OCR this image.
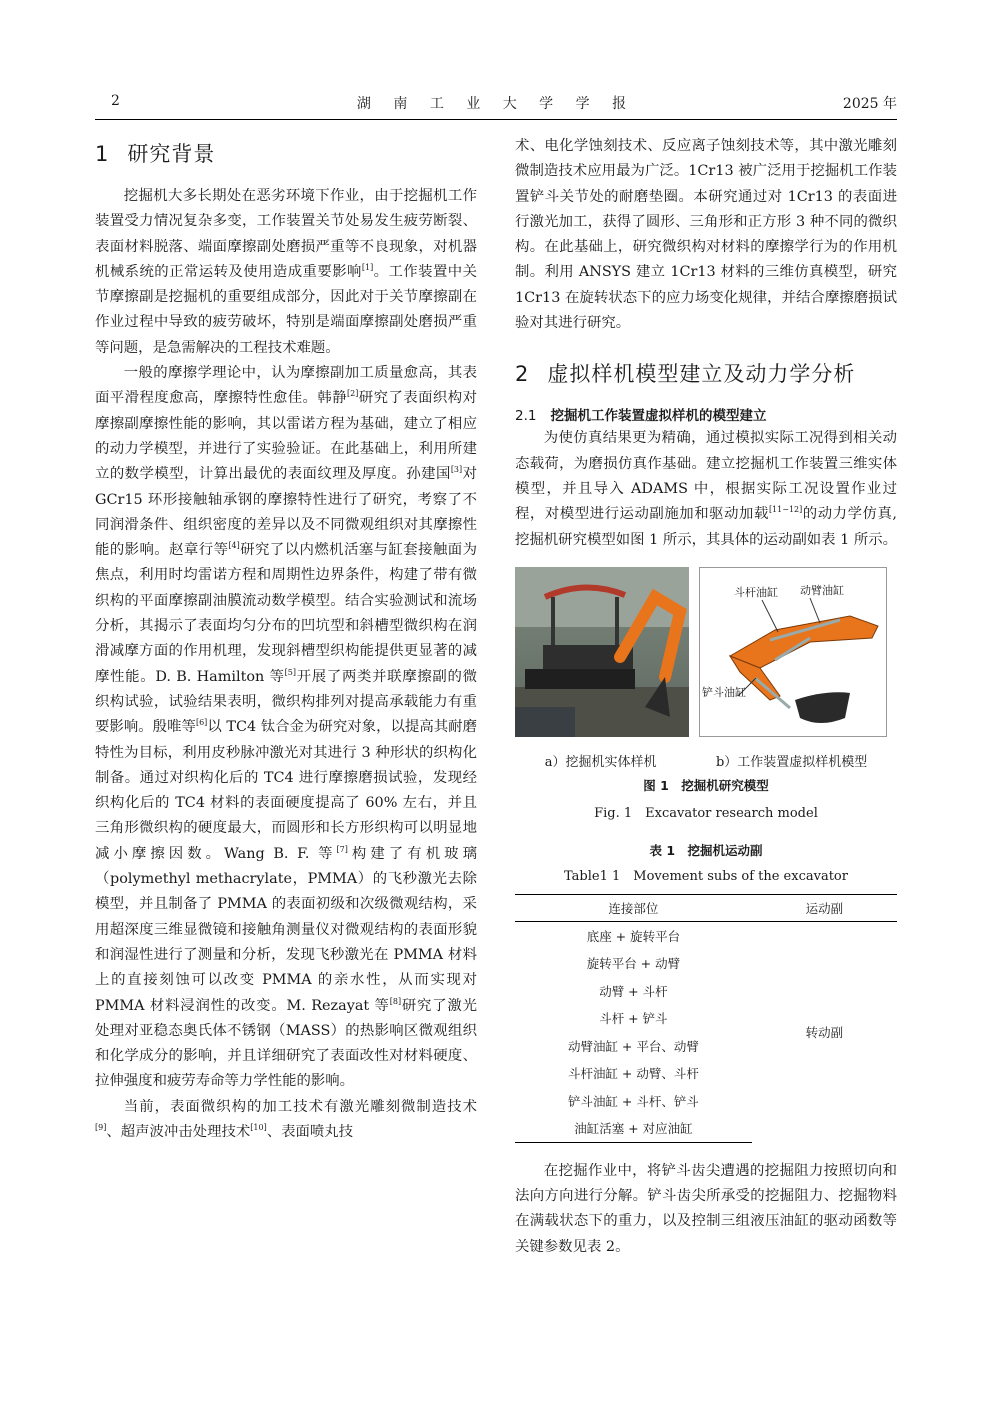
2	湖 南 工 业 大 学 学 报	2025 年
1 研究背景

挖掘机大多长期处在恶劣环境下作业，由于挖掘机工作装置受力情况复杂多变，工作装置关节处易发生疲劳断裂、表面材料脱落、端面摩擦副处磨损严重等不良现象，对机器机械系统的正常运转及使用造成重要影响[1]。工作装置中关节摩擦副是挖掘机的重要组成部分，因此对于关节摩擦副在作业过程中导致的疲劳破坏，特别是端面摩擦副处磨损严重等问题，是急需解决的工程技术难题。

一般的摩擦学理论中，认为摩擦副加工质量愈高，其表面平滑程度愈高，摩擦特性愈佳。韩静[2]研究了表面织构对摩擦副摩擦性能的影响，其以雷诺方程为基础，建立了相应的动力学模型，并进行了实验验证。在此基础上，利用所建立的数学模型，计算出最优的表面纹理及厚度。孙建国[3]对 GCr15 环形接触轴承钢的摩擦特性进行了研究，考察了不同润滑条件、组织密度的差异以及不同微观组织对其摩擦性能的影响。赵章行等[4]研究了以内燃机活塞与缸套接触面为焦点，利用时均雷诺方程和周期性边界条件，构建了带有微织构的平面摩擦副油膜流动数学模型。结合实验测试和流场分析，其揭示了表面均匀分布的凹坑型和斜槽型微织构在润滑减摩方面的作用机理，发现斜槽型织构能提供更显著的减摩性能。D. B. Hamilton 等[5]开展了两类并联摩擦副的微织构试验，试验结果表明，微织构排列对提高承载能力有重要影响。殷唯等[6]以 TC4 钛合金为研究对象，以提高其耐磨特性为目标，利用皮秒脉冲激光对其进行 3 种形状的织构化制备。通过对织构化后的 TC4 进行摩擦磨损试验，发现经织构化后的 TC4 材料的表面硬度提高了 60% 左右，并且三角形微织构的硬度最大，而圆形和长方形织构可以明显地减小摩擦因数。Wang B. F. 等[7]构建了有机玻璃（polymethyl methacrylate，PMMA）的飞秒激光去除模型，并且制备了 PMMA 的表面初级和次级微观结构，采用超深度三维显微镜和接触角测量仪对微观结构的表面形貌和润湿性进行了测量和分析，发现飞秒激光在 PMMA 材料上的直接刻蚀可以改变 PMMA 的亲水性，从而实现对 PMMA 材料浸润性的改变。M. Rezayat 等[8]研究了激光处理对亚稳态奥氏体不锈钢（MASS）的热影响区微观组织和化学成分的影响，并且详细研究了表面改性对材料硬度、拉伸强度和疲劳寿命等力学性能的影响。

当前，表面微织构的加工技术有激光雕刻微制造技术[9]、超声波冲击处理技术[10]、表面喷丸技

术、电化学蚀刻技术、反应离子蚀刻技术等，其中激光雕刻微制造技术应用最为广泛。1Cr13 被广泛用于挖掘机工作装置铲斗关节处的耐磨垫圈。本研究通过对 1Cr13 的表面进行激光加工，获得了圆形、三角形和正方形 3 种不同的微织构。在此基础上，研究微织构对材料的摩擦学行为的作用机制。利用 ANSYS 建立 1Cr13 材料的三维仿真模型，研究 1Cr13 在旋转状态下的应力场变化规律，并结合摩擦磨损试验对其进行研究。

2 虚拟样机模型建立及动力学分析
2.1 挖掘机工作装置虚拟样机的模型建立

为使仿真结果更为精确，通过模拟实际工况得到相关动态载荷，为磨损仿真作基础。建立挖掘机工作装置三维实体模型，并且导入 ADAMS 中，根据实际工况设置作业过程，对模型进行运动副施加和驱动加载[11−12]的动力学仿真,挖掘机研究模型如图 1 所示，其具体的运动副如表 1 所示。

斗杆油缸 动臂油缸
铲斗油缸
a）挖掘机实体样机	b）工作装置虚拟样机模型
图 1　挖掘机研究模型
Fig. 1　Excavator research model
表 1　挖掘机运动副
Table1 1　Movement subs of the excavator
连接部位	运动副
底座 + 旋转平台	转动副
旋转平台 + 动臂	
动臂 + 斗杆	
斗杆 + 铲斗	
动臂油缸 + 平台、动臂	
斗杆油缸 + 动臂、斗杆	
铲斗油缸 + 斗杆、铲斗	
油缸活塞 + 对应油缸	

在挖掘作业中，将铲斗齿尖遭遇的挖掘阻力按照切向和法向方向进行分解。铲斗齿尖所承受的挖掘阻力、挖掘物料在满载状态下的重力，以及控制三组液压油缸的驱动函数等关键参数见表 2。
